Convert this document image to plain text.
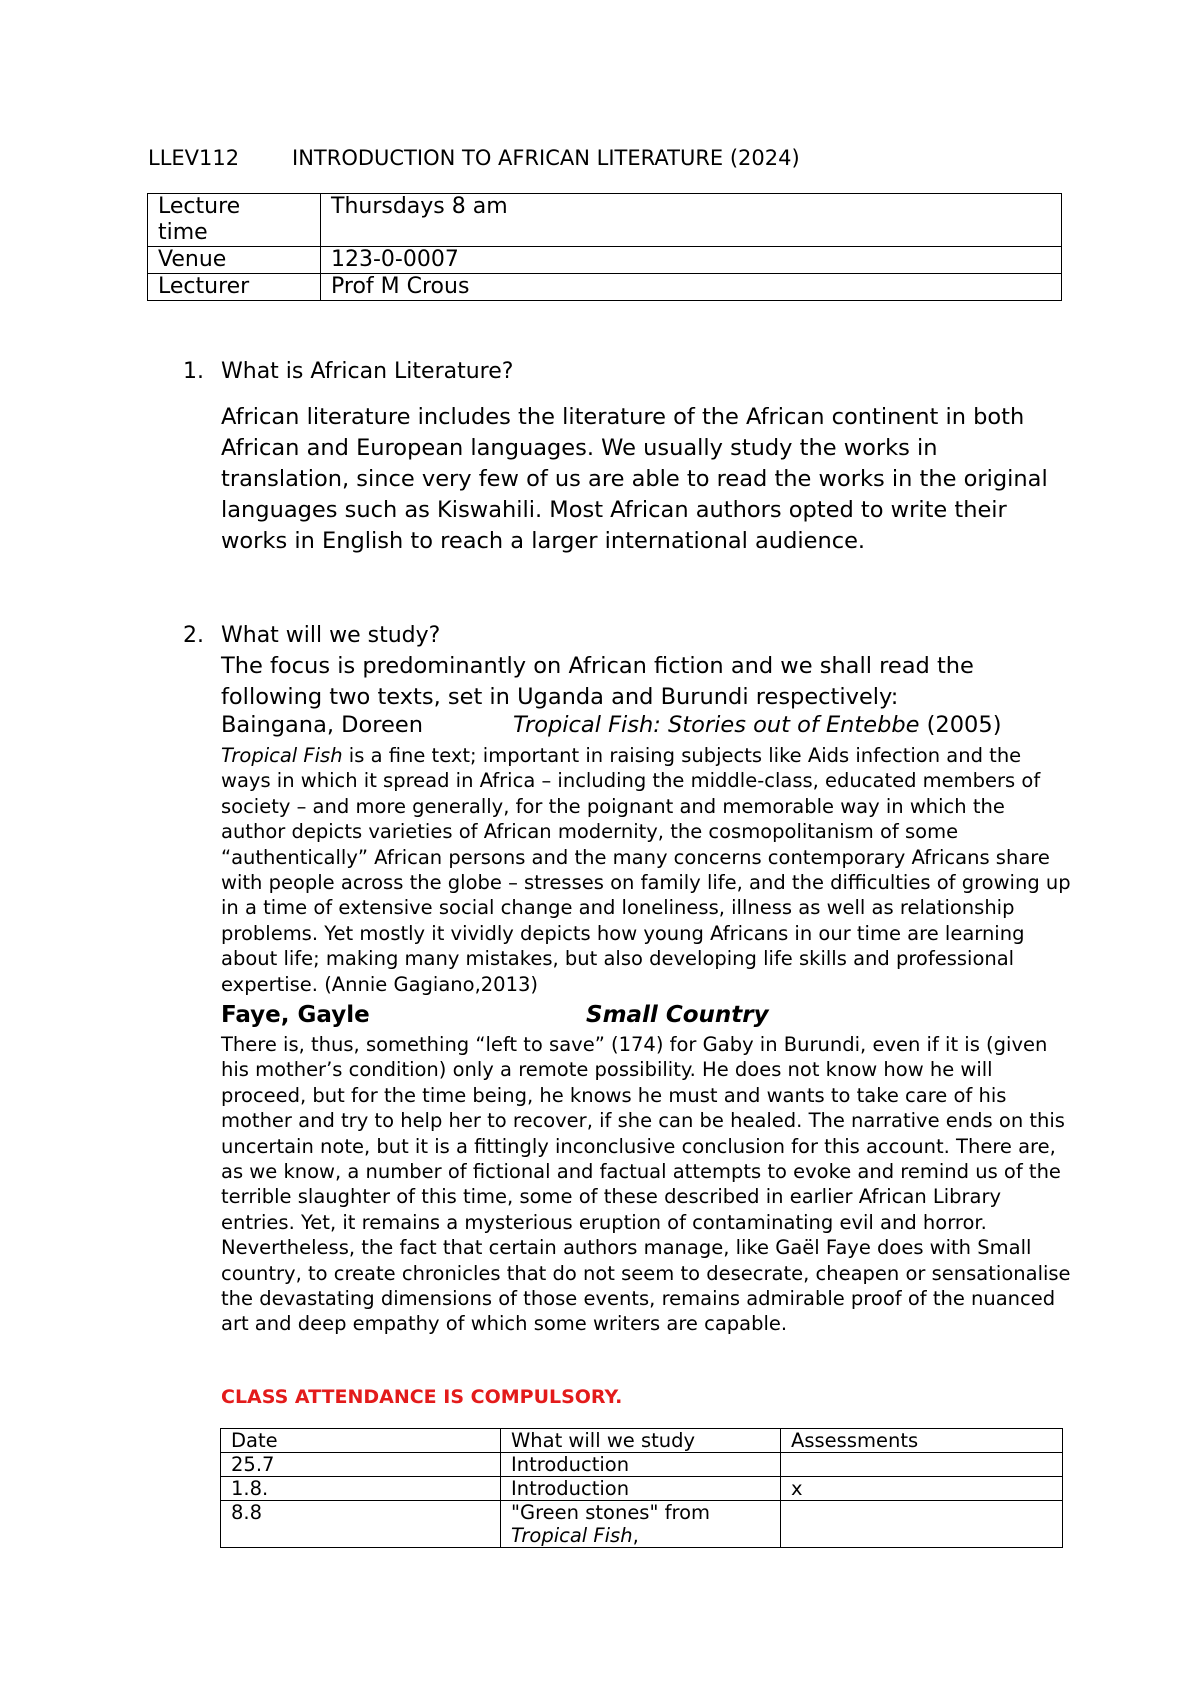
LLEV112	INTRODUCTION TO AFRICAN LITERATURE (2024)
Lecture
time	Thursdays 8 am
Venue	123-0-0007
Lecturer	Prof M Crous
1. What is African Literature?

African literature includes the literature of the African continent in both African and European languages. We usually study the works in translation, since very few of us are able to read the works in the original languages such as Kiswahili. Most African authors opted to write their works in English to reach a larger international audience.

2. What will we study?

The focus is predominantly on African fiction and we shall read the following two texts, set in Uganda and Burundi respectively:

Baingana, Doreen	Tropical Fish: Stories out of Entebbe (2005)

Tropical Fish is a fine text; important in raising subjects like Aids infection and the ways in which it spread in Africa – including the middle-class, educated members of society – and more generally, for the poignant and memorable way in which the author depicts varieties of African modernity, the cosmopolitanism of some “authentically” African persons and the many concerns contemporary Africans share with people across the globe – stresses on family life, and the difficulties of growing up in a time of extensive social change and loneliness, illness as well as relationship problems. Yet mostly it vividly depicts how young Africans in our time are learning about life; making many mistakes, but also developing life skills and professional expertise. (Annie Gagiano,2013)

Faye, Gayle	Small Country

There is, thus, something “left to save” (174) for Gaby in Burundi, even if it is (given his mother’s condition) only a remote possibility. He does not know how he will proceed, but for the time being, he knows he must and wants to take care of his mother and try to help her to recover, if she can be healed. The narrative ends on this uncertain note, but it is a fittingly inconclusive conclusion for this account. There are, as we know, a number of fictional and factual attempts to evoke and remind us of the terrible slaughter of this time, some of these described in earlier African Library entries. Yet, it remains a mysterious eruption of contaminating evil and horror. Nevertheless, the fact that certain authors manage, like Gaël Faye does with Small country, to create chronicles that do not seem to desecrate, cheapen or sensationalise the devastating dimensions of those events, remains admirable proof of the nuanced art and deep empathy of which some writers are capable.

CLASS ATTENDANCE IS COMPULSORY.
Date	What will we study	Assessments
25.7	Introduction	
1.8.	Introduction	x
8.8	"Green stones" from
Tropical Fish,	
